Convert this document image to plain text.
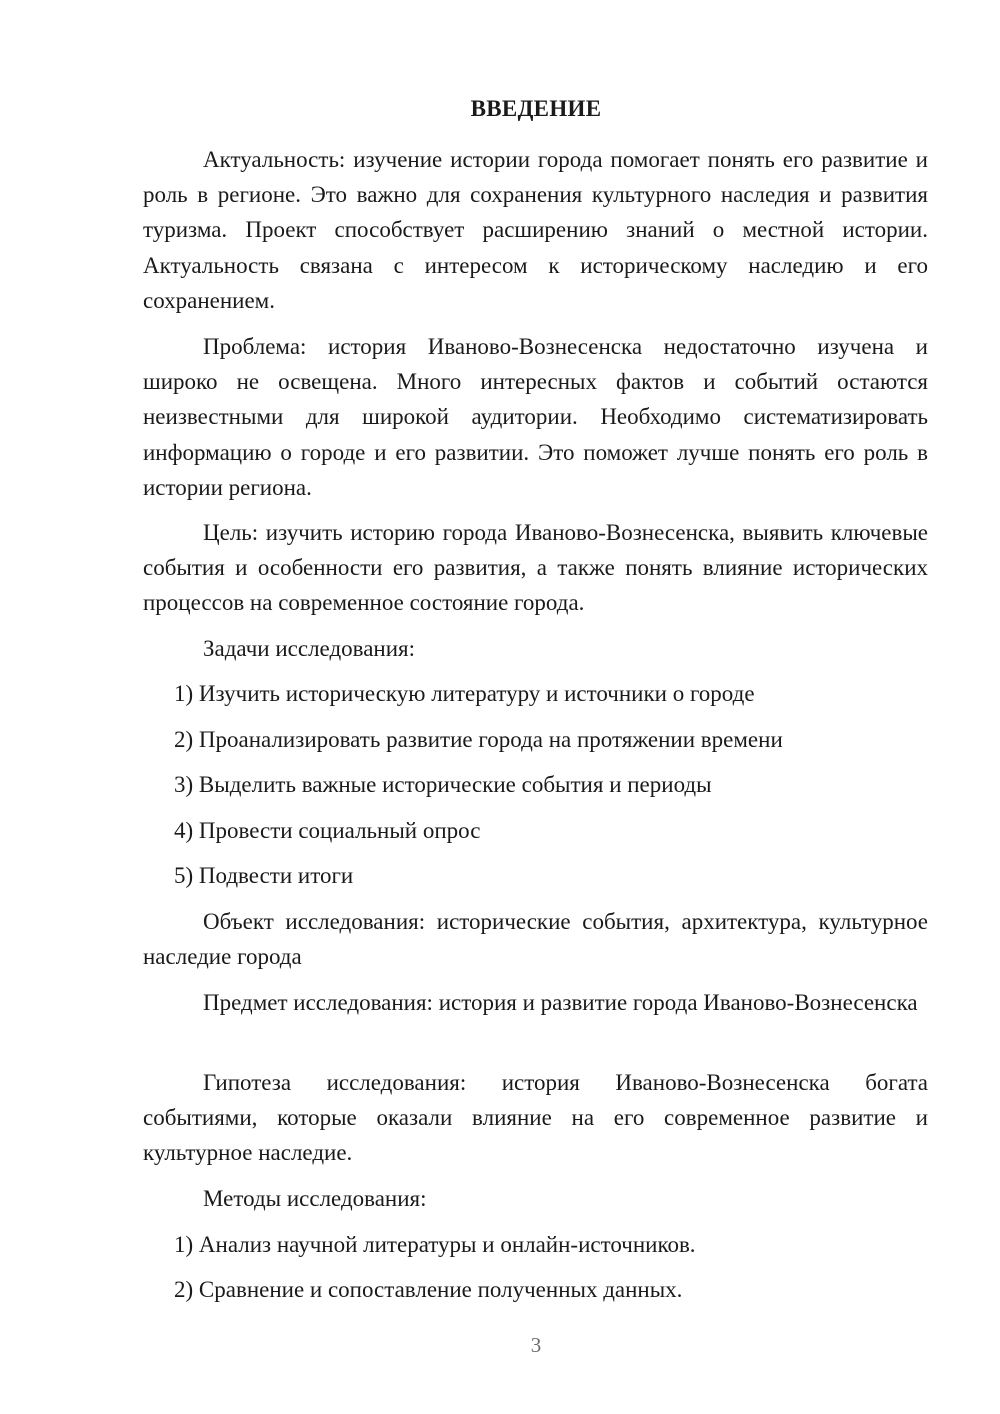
ВВЕДЕНИЕ

Актуальность: изучение истории города помогает понять его развитие и роль в регионе. Это важно для сохранения культурного наследия и развития туризма. Проект способствует расширению знаний о местной истории. Актуальность связана с интересом к историческому наследию и его сохранением.

Проблема: история Иваново-Вознесенска недостаточно изучена и широко не освещена. Много интересных фактов и событий остаются неизвестными для широкой аудитории. Необходимо систематизировать информацию о городе и его развитии. Это поможет лучше понять его роль в истории региона.

Цель: изучить историю города Иваново-Вознесенска, выявить ключевые события и особенности его развития, а также понять влияние исторических процессов на современное состояние города.

Задачи исследования:
1) Изучить историческую литературу и источники о городе
2) Проанализировать развитие города на протяжении времени
3) Выделить важные исторические события и периоды
4) Провести социальный опрос
5) Подвести итоги

Объект исследования: исторические события, архитектура, культурное наследие города

Предмет исследования: история и развитие города Иваново-Вознесенска

Гипотеза исследования: история Иваново-Вознесенска богата событиями, которые оказали влияние на его современное развитие и культурное наследие.

Методы исследования:
1) Анализ научной литературы и онлайн-источников.
2) Сравнение и сопоставление полученных данных.
3
